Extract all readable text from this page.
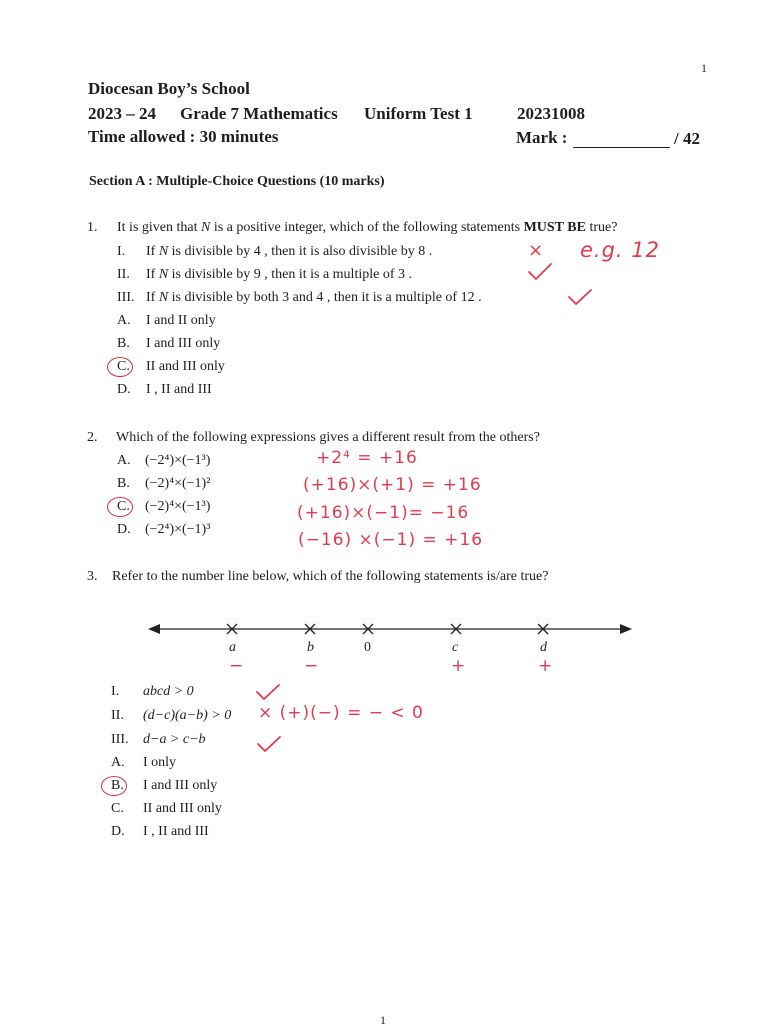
1
Diocesan Boy’s School
2023 – 24 Grade 7 Mathematics Uniform Test 1	20231008
Time allowed : 30 minutes	Mark :	/ 42
Section A : Multiple-Choice Questions (10 marks)
1. It is given that N is a positive integer, which of the following statements MUST BE true?
I. If N is divisible by 4 , then it is also divisible by 8 .
II. If N is divisible by 9 , then it is a multiple of 3 .
III. If N is divisible by both 3 and 4 , then it is a multiple of 12 .
A. I and II only
B. I and III only
C. II and III only
D. I , II and III
× e.g. 12
2. Which of the following expressions gives a different result from the others?
A. (−2⁴)×(−1³)
B. (−2)⁴×(−1)²
C. (−2)⁴×(−1³)
D. (−2⁴)×(−1)³
+2⁴ = +16
(+16)×(+1) = +16
(+16)×(−1)= −16
(−16) ×(−1) = +16
3. Refer to the number line below, which of the following statements is/are true?
a	b	0	c	d
−	−	+	+
I. abcd > 0
II. (d−c)(a−b) > 0
III. d−a > c−b
A. I only
B. I and III only
C. II and III only
D. I , II and III
× (+)(−) = − < 0
1
